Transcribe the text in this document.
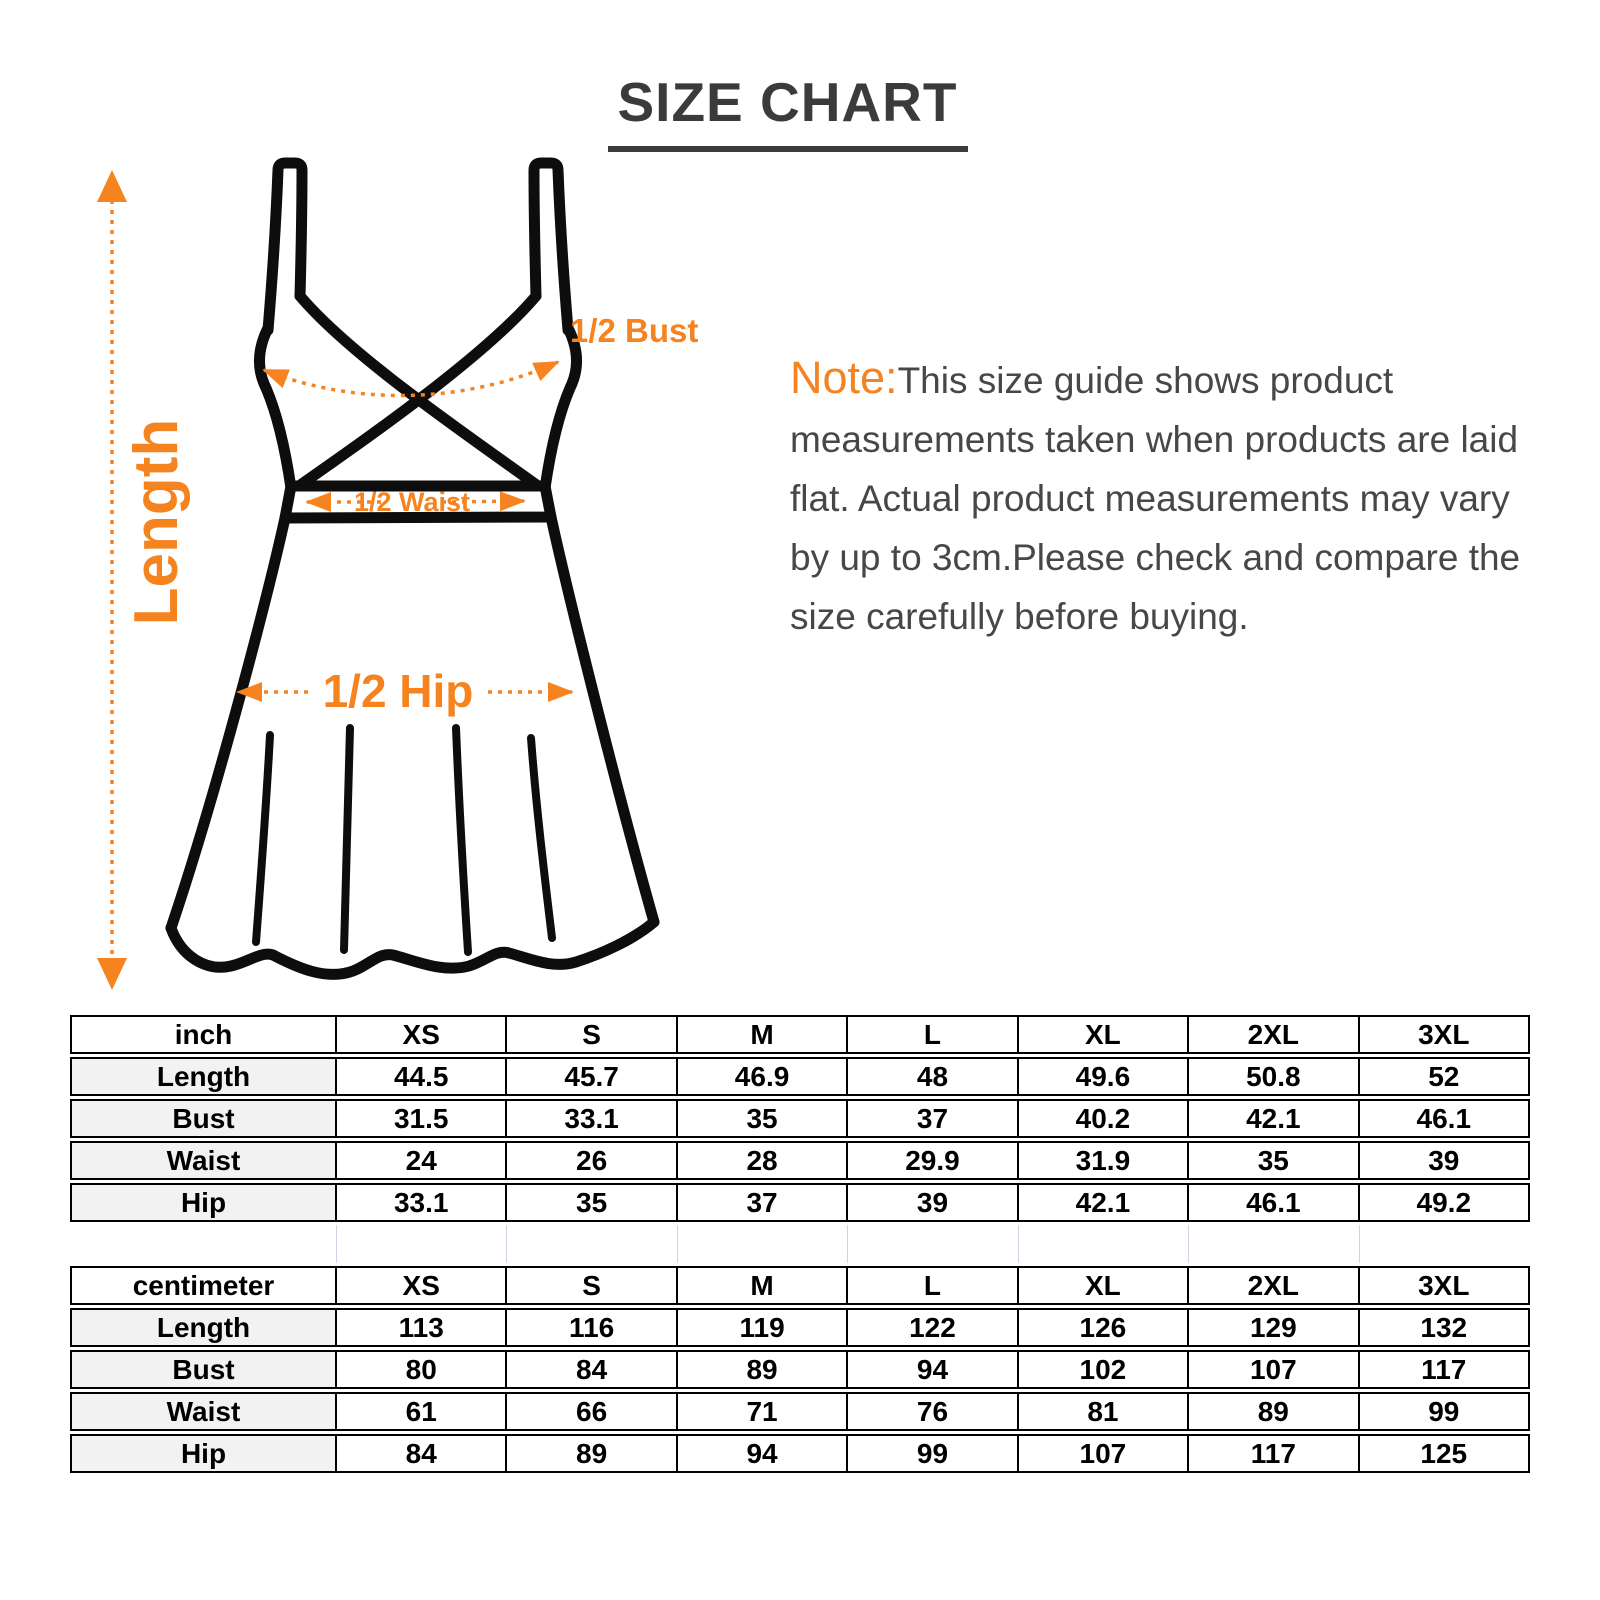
SIZE CHART
Length
1/2 Bust
1/2 Waist
1/2 Hip

Note:This size guide shows product measurements taken when products are laid flat. Actual product measurements may vary by up to 3cm.Please check and compare the size carefully before buying.

inch	XS	S	M	L	XL	2XL	3XL
Length	44.5	45.7	46.9	48	49.6	50.8	52
Bust	31.5	33.1	35	37	40.2	42.1	46.1
Waist	24	26	28	29.9	31.9	35	39
Hip	33.1	35	37	39	42.1	46.1	49.2
centimeter	XS	S	M	L	XL	2XL	3XL
Length	113	116	119	122	126	129	132
Bust	80	84	89	94	102	107	117
Waist	61	66	71	76	81	89	99
Hip	84	89	94	99	107	117	125
